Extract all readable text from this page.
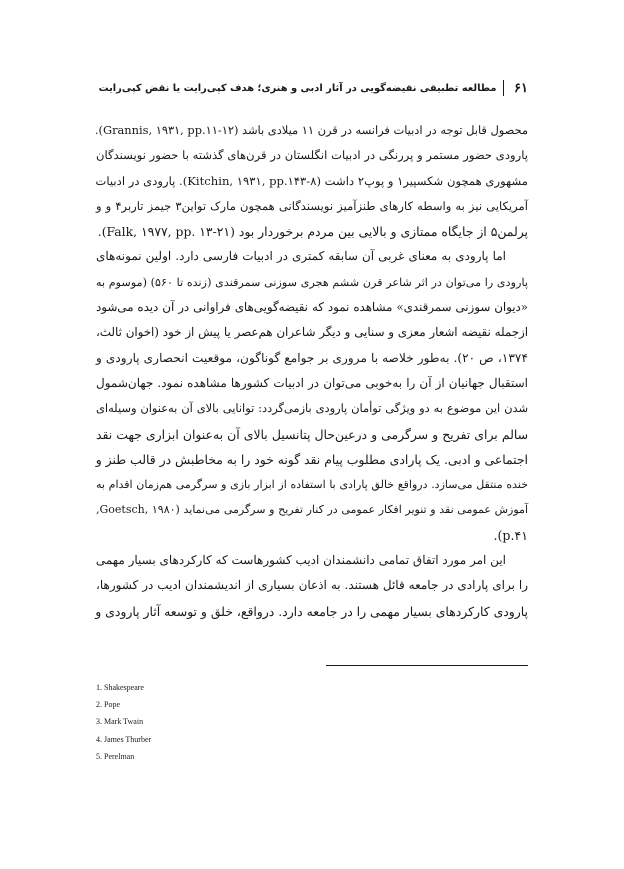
۶۱
مطالعه تطبیقی نقیضه‌گویی در آثار ادبی و هنری؛ هدف کپی‌رایت یا نقض کپی‌رایت
محصول قابل توجه در ادبیات فرانسه در قرن ۱۱ میلادی باشد (Grannis, ۱۹۳۱, pp.۱۱-۱۲).
پارودی حضور مستمر و پررنگی در ادبیات انگلستان در قرن‌های گذشته با حضور نویسندگان
مشهوری همچون شکسپیر۱ و پوپ۲ داشت (Kitchin, ۱۹۳۱, pp.۱۴۳-۸). پارودی در ادبیات
آمریکایی نیز به واسطه کارهای طنزآمیز نویسندگانی همچون مارک تواین۳ جیمز تاربر۴ و و
پرلمن۵ از جایگاه ممتازی و بالایی بین مردم برخوردار بود (Falk, ۱۹۷۷, pp. ۱۳-۲۱).
اما پارودی به معنای غربی آن سابقه کمتری در ادبیات فارسی دارد. اولین نمونه‌های
پارودی را می‌توان در اثر شاعر قرن ششم هجری سوزنی سمرقندی (زنده تا ۵۶۰) (موسوم به
«دیوان سوزنی سمرقندی» مشاهده نمود که نقیضه‌گویی‌های فراوانی در آن دیده می‌شود
ازجمله نقیضه اشعار معزی و سنایی و دیگر شاعران هم‌عصر یا پیش از خود (اخوان ثالث،
۱۳۷۴، ص ۲۰). به‌طور خلاصه با مروری بر جوامع گوناگون، موقعیت انحصاری پارودی و
استقبال جهانیان از آن را به‌خوبی می‌توان در ادبیات کشورها مشاهده نمود. جهان‌شمول
شدن این موضوع به دو ویژگی توأمان پارودی بازمی‌گردد: توانایی بالای آن به‌عنوان وسیله‌ای
سالم برای تفریح و سرگرمی و درعین‌حال پتانسیل بالای آن به‌عنوان ابزاری جهت نقد
اجتماعی و ادبی. یک پارادی مطلوب پیام نقد گونه خود را به مخاطبش در قالب طنز و
خنده منتقل می‌سازد. درواقع خالق پارادی با استفاده از ابزار بازی و سرگرمی هم‌زمان اقدام به
آموزش عمومی نقد و تنویر افکار عمومی در کنار تفریح و سرگرمی می‌نماید (Goetsch, ۱۹۸۰,
p.۴۱).
این امر مورد اتفاق تمامی دانشمندان ادیب کشورهاست که کارکردهای بسیار مهمی
را برای پارادی در جامعه قائل هستند. به اذعان بسیاری از اندیشمندان ادیب در کشورها،
پارودی کارکردهای بسیار مهمی را در جامعه دارد. درواقع، خلق و توسعه آثار پارودی و
1. Shakespeare
2. Pope
3. Mark Twain
4. James Thurber
5. Perelman
